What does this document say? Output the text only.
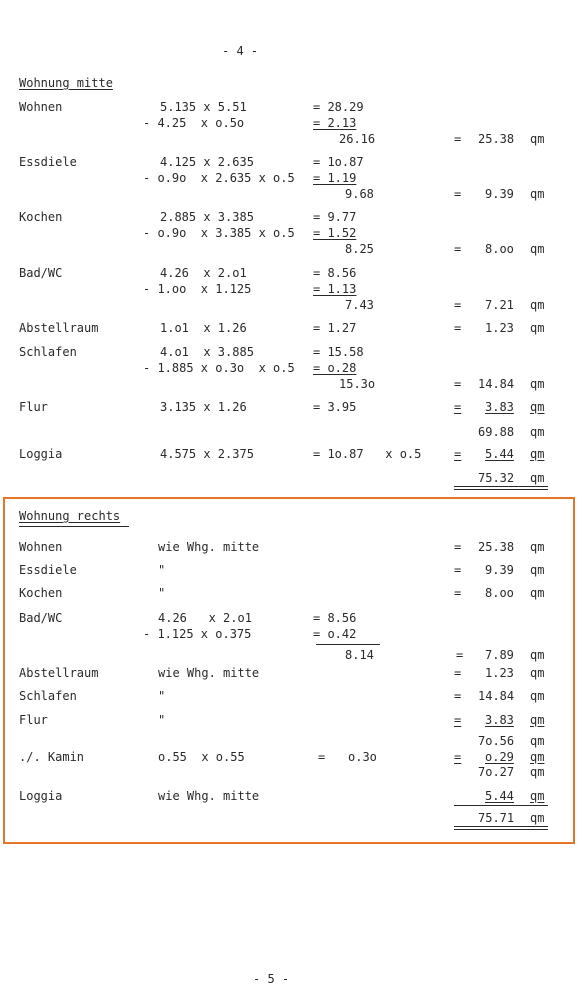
- 4 -
Wohnung mitte
Wohnen	5.135 x 5.51	= 28.29
- 4.25  x o.5o	= 2.13
26.16	= 25.38 qm
Essdiele	4.125 x 2.635	= 1o.87
- o.9o  x 2.635 x o.5 = 1.19
9.68	= 9.39 qm
Kochen	2.885 x 3.385	= 9.77
- o.9o  x 3.385 x o.5 = 1.52
8.25	= 8.oo qm
Bad/WC	4.26  x 2.o1	= 8.56
- 1.oo  x 1.125	= 1.13
7.43	= 7.21 qm
Abstellraum	1.o1  x 1.26	= 1.27	= 1.23 qm
Schlafen	4.o1  x 3.885	= 15.58
- 1.885 x o.3o  x o.5 = o.28
15.3o	= 14.84 qm
Flur	3.135 x 1.26	= 3.95	= 3.83 qm
69.88 qm
Loggia	4.575 x 2.375	= 1o.87   x o.5	= 5.44 qm
75.32 qm
Wohnung rechts
Wohnen	wie Whg. mitte	= 25.38 qm
Essdiele	"	= 9.39 qm
Kochen	"	= 8.oo qm
Bad/WC	4.26   x 2.o1	= 8.56
- 1.125 x o.375	= o.42
8.14	= 7.89 qm
Abstellraum	wie Whg. mitte	= 1.23 qm
Schlafen	"	= 14.84 qm
Flur	"	= 3.83 qm
7o.56 qm
./. Kamin	o.55  x o.55	= o.3o	= o.29 qm
7o.27 qm
Loggia	wie Whg. mitte	5.44 qm
75.71 qm
- 5 -
